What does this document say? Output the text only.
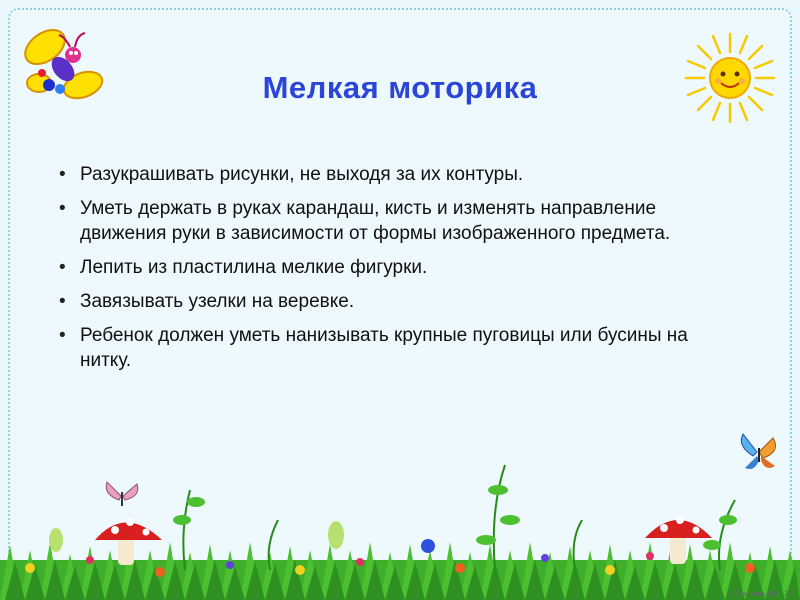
Мелкая моторика
• Разукрашивать рисунки, не выходя за их контуры.
• Уметь держать в руках карандаш, кисть и изменять направление движения руки в зависимости от формы изображенного предмета.
• Лепить из пластилина мелкие фигурки.
• Завязывать узелки на веревке.
• Ребенок должен уметь нанизывать крупные пуговицы или бусины на нитку.
© Пошкова В.В., 20
